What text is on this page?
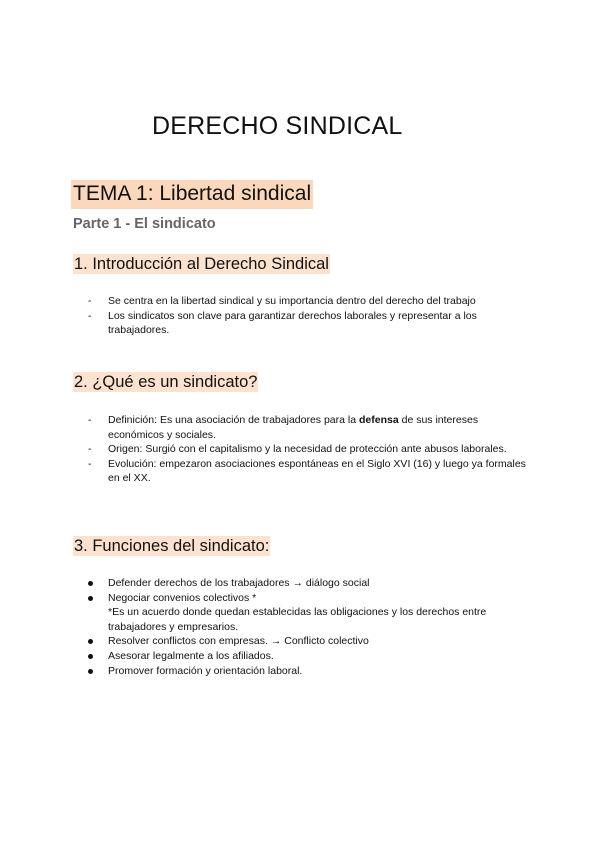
DERECHO SINDICAL
TEMA 1: Libertad sindical
Parte 1 - El sindicato
1. Introducción al Derecho Sindical
-	Se centra en la libertad sindical y su importancia dentro del derecho del trabajo
-	Los sindicatos son clave para garantizar derechos laborales y representar a los trabajadores.
2. ¿Qué es un sindicato?
-	Definición: Es una asociación de trabajadores para la defensa de sus intereses económicos y sociales.
-	Origen: Surgió con el capitalismo y la necesidad de protección ante abusos laborales.
-	Evolución: empezaron asociaciones espontáneas en el Siglo XVI (16) y luego ya formales en el XX.
3. Funciones del sindicato:
Defender derechos de los trabajadores → diálogo social
Negociar convenios colectivos *
*Es un acuerdo donde quedan establecidas las obligaciones y los derechos entre trabajadores y empresarios.
Resolver conflictos con empresas. → Conflicto colectivo
Asesorar legalmente a los afiliados.
Promover formación y orientación laboral.
